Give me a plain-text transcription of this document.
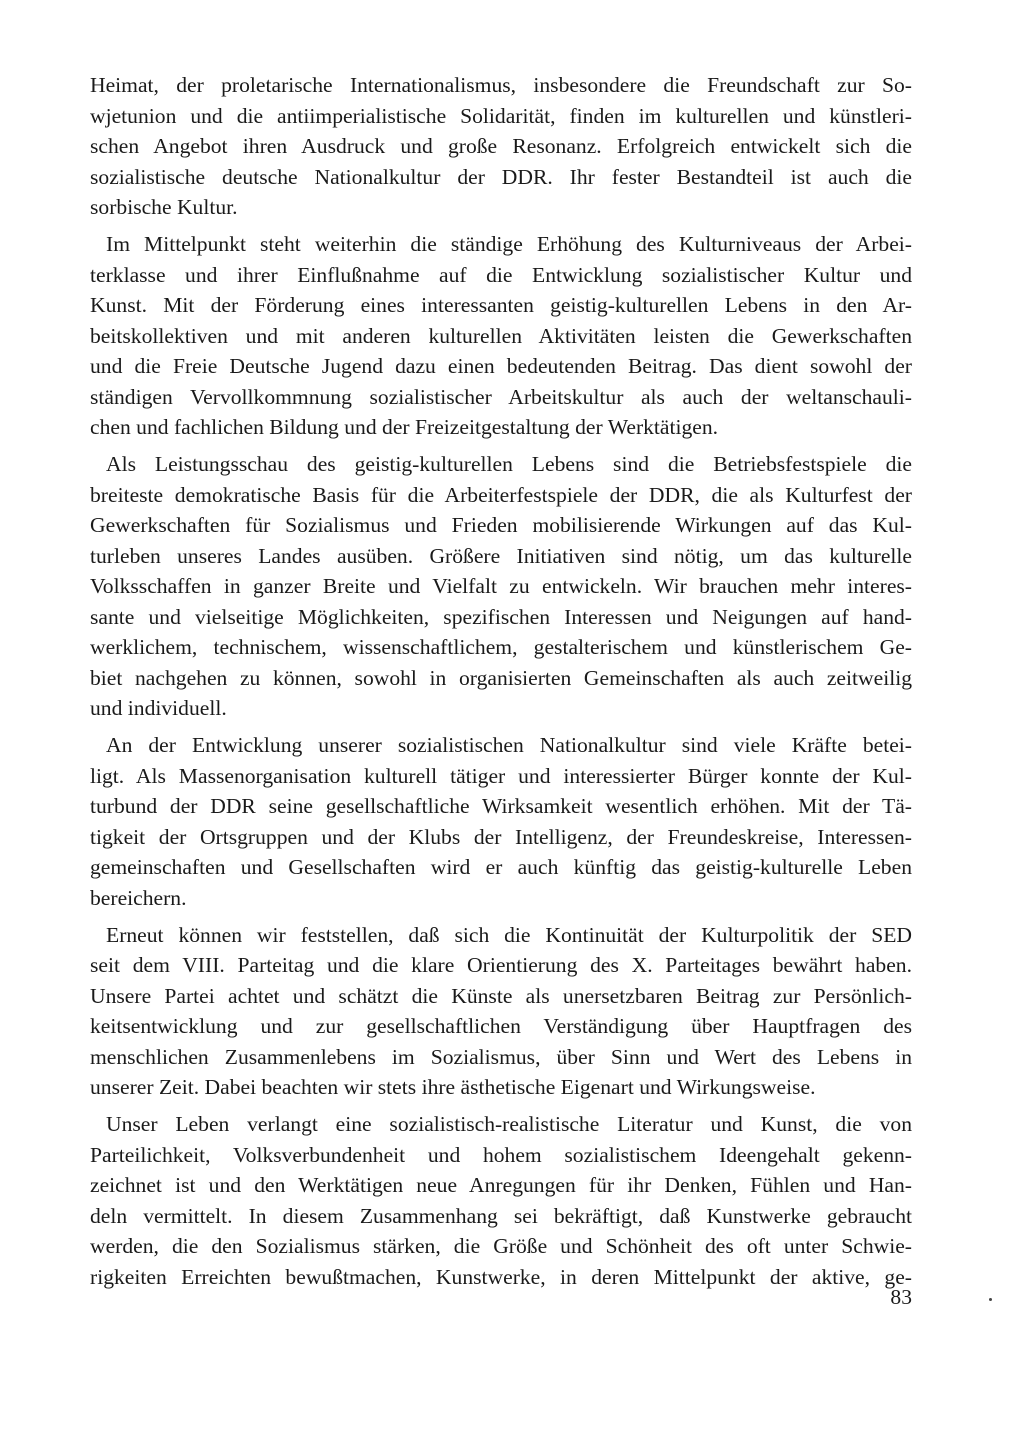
Heimat, der proletarische Internationalismus, insbesondere die Freundschaft zur So-
wjetunion und die antiimperialistische Solidarität, finden im kulturellen und künstleri-
schen Angebot ihren Ausdruck und große Resonanz. Erfolgreich entwickelt sich die
sozialistische deutsche Nationalkultur der DDR. Ihr fester Bestandteil ist auch die
sorbische Kultur.
Im Mittelpunkt steht weiterhin die ständige Erhöhung des Kulturniveaus der Arbei-
terklasse und ihrer Einflußnahme auf die Entwicklung sozialistischer Kultur und
Kunst. Mit der Förderung eines interessanten geistig-kulturellen Lebens in den Ar-
beitskollektiven und mit anderen kulturellen Aktivitäten leisten die Gewerkschaften
und die Freie Deutsche Jugend dazu einen bedeutenden Beitrag. Das dient sowohl der
ständigen Vervollkommnung sozialistischer Arbeitskultur als auch der weltanschauli-
chen und fachlichen Bildung und der Freizeitgestaltung der Werktätigen.
Als Leistungsschau des geistig-kulturellen Lebens sind die Betriebsfestspiele die
breiteste demokratische Basis für die Arbeiterfestspiele der DDR, die als Kulturfest der
Gewerkschaften für Sozialismus und Frieden mobilisierende Wirkungen auf das Kul-
turleben unseres Landes ausüben. Größere Initiativen sind nötig, um das kulturelle
Volksschaffen in ganzer Breite und Vielfalt zu entwickeln. Wir brauchen mehr interes-
sante und vielseitige Möglichkeiten, spezifischen Interessen und Neigungen auf hand-
werklichem, technischem, wissenschaftlichem, gestalterischem und künstlerischem Ge-
biet nachgehen zu können, sowohl in organisierten Gemeinschaften als auch zeitweilig
und individuell.
An der Entwicklung unserer sozialistischen Nationalkultur sind viele Kräfte betei-
ligt. Als Massenorganisation kulturell tätiger und interessierter Bürger konnte der Kul-
turbund der DDR seine gesellschaftliche Wirksamkeit wesentlich erhöhen. Mit der Tä-
tigkeit der Ortsgruppen und der Klubs der Intelligenz, der Freundeskreise, Interessen-
gemeinschaften und Gesellschaften wird er auch künftig das geistig-kulturelle Leben
bereichern.
Erneut können wir feststellen, daß sich die Kontinuität der Kulturpolitik der SED
seit dem VIII. Parteitag und die klare Orientierung des X. Parteitages bewährt haben.
Unsere Partei achtet und schätzt die Künste als unersetzbaren Beitrag zur Persönlich-
keitsentwicklung und zur gesellschaftlichen Verständigung über Hauptfragen des
menschlichen Zusammenlebens im Sozialismus, über Sinn und Wert des Lebens in
unserer Zeit. Dabei beachten wir stets ihre ästhetische Eigenart und Wirkungsweise.
Unser Leben verlangt eine sozialistisch-realistische Literatur und Kunst, die von
Parteilichkeit, Volksverbundenheit und hohem sozialistischem Ideengehalt gekenn-
zeichnet ist und den Werktätigen neue Anregungen für ihr Denken, Fühlen und Han-
deln vermittelt. In diesem Zusammenhang sei bekräftigt, daß Kunstwerke gebraucht
werden, die den Sozialismus stärken, die Größe und Schönheit des oft unter Schwie-
rigkeiten Erreichten bewußtmachen, Kunstwerke, in deren Mittelpunkt der aktive, ge-
83
